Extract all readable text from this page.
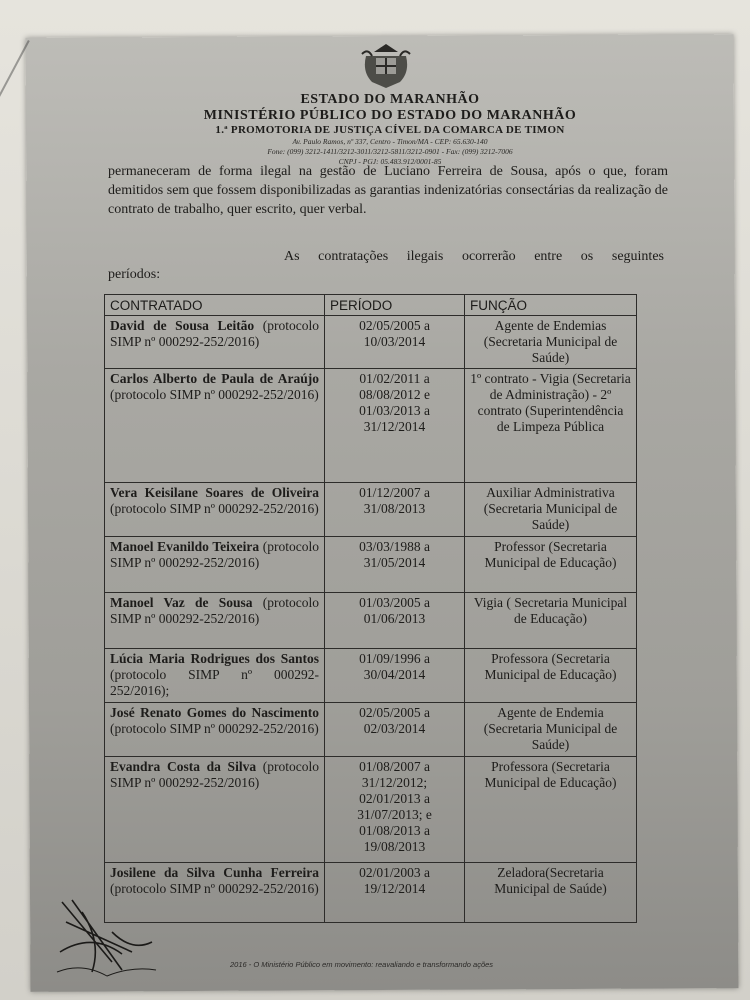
ESTADO DO MARANHÃO
MINISTÉRIO PÚBLICO DO ESTADO DO MARANHÃO
1.ª PROMOTORIA DE JUSTIÇA CÍVEL DA COMARCA DE TIMON
Av. Paulo Ramos, nº 337, Centro - Timon/MA - CEP: 65.630-140
Fone: (099) 3212-1411/3212-3011/3212-5811/3212-0901 - Fax: (099) 3212-7006
CNPJ - PGJ: 05.483.912/0001-85
permaneceram de forma ilegal na gestão de Luciano Ferreira de Sousa, após o que, foram demitidos sem que fossem disponibilizadas as garantias indenizatórias consectárias da realização de contrato de trabalho, quer escrito, quer verbal.
As contratações ilegais ocorrerão entre os seguintes
períodos:
CONTRATADO	PERÍODO	FUNÇÃO
David de Sousa Leitão (protocolo SIMP nº 000292-252/2016)	02/05/2005 a 10/03/2014	Agente de Endemias (Secretaria Municipal de Saúde)
Carlos Alberto de Paula de Araújo (protocolo SIMP nº 000292-252/2016)	01/02/2011 a 08/08/2012 e 01/03/2013 a 31/12/2014	1º contrato - Vigia (Secretaria de Administração) - 2º contrato (Superintendência de Limpeza Pública
Vera Keisilane Soares de Oliveira (protocolo SIMP nº 000292-252/2016)	01/12/2007 a 31/08/2013	Auxiliar Administrativa (Secretaria Municipal de Saúde)
Manoel Evanildo Teixeira (protocolo SIMP nº 000292-252/2016)	03/03/1988 a 31/05/2014	Professor (Secretaria Municipal de Educação)
Manoel Vaz de Sousa (protocolo SIMP nº 000292-252/2016)	01/03/2005 a 01/06/2013	Vigia ( Secretaria Municipal de Educação)
Lúcia Maria Rodrigues dos Santos (protocolo SIMP nº 000292-252/2016);	01/09/1996 a 30/04/2014	Professora (Secretaria Municipal de Educação)
José Renato Gomes do Nascimento (protocolo SIMP nº 000292-252/2016)	02/05/2005 a 02/03/2014	Agente de Endemia (Secretaria Municipal de Saúde)
Evandra Costa da Silva (protocolo SIMP nº 000292-252/2016)	01/08/2007 a 31/12/2012; 02/01/2013 a 31/07/2013; e 01/08/2013 a 19/08/2013	Professora (Secretaria Municipal de Educação)
Josilene da Silva Cunha Ferreira (protocolo SIMP nº 000292-252/2016)	02/01/2003 a 19/12/2014	Zeladora(Secretaria Municipal de Saúde)
2016 - O Ministério Público em movimento: reavaliando e transformando ações
